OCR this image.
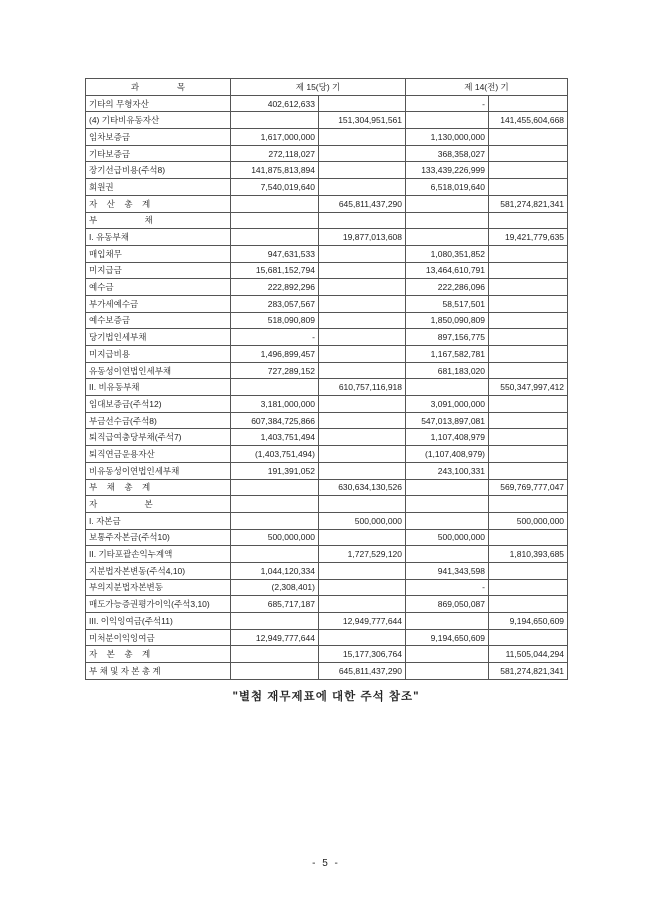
과                목	제 15(당) 기		제 14(전) 기	
기타의 무형자산	402,612,633		-	
(4) 기타비유동자산		151,304,951,561		141,455,604,668
임차보증금	1,617,000,000		1,130,000,000	
기타보증금	272,118,027		368,358,027	
장기선급비용(주석8)	141,875,813,894		133,439,226,999	
회원권	7,540,019,640		6,518,019,640	
자    산    총    계		645,811,437,290		581,274,821,341
부                    채				
I. 유동부채		19,877,013,608		19,421,779,635
매입채무	947,631,533		1,080,351,852	
미지급금	15,681,152,794		13,464,610,791	
예수금	222,892,296		222,286,096	
부가세예수금	283,057,567		58,517,501	
예수보증금	518,090,809		1,850,090,809	
당기법인세부채	-		897,156,775	
미지급비용	1,496,899,457		1,167,582,781	
유동성이연법인세부채	727,289,152		681,183,020	
II. 비유동부채		610,757,116,918		550,347,997,412
임대보증금(주석12)	3,181,000,000		3,091,000,000	
부금선수금(주석8)	607,384,725,866		547,013,897,081	
퇴직급여충당부채(주석7)	1,403,751,494		1,107,408,979	
퇴직연금운용자산	(1,403,751,494)		(1,107,408,979)	
비유동성이연법인세부채	191,391,052		243,100,331	
부    채    총    계		630,634,130,526		569,769,777,047
자                    본				
I. 자본금		500,000,000		500,000,000
보통주자본금(주석10)	500,000,000		500,000,000	
II. 기타포괄손익누계액		1,727,529,120		1,810,393,685
지분법자본변동(주석4,10)	1,044,120,334		941,343,598	
부의지분법자본변동	(2,308,401)		-	
매도가능증권평가이익(주석3,10)	685,717,187		869,050,087	
III. 이익잉여금(주석11)		12,949,777,644		9,194,650,609
미처분이익잉여금	12,949,777,644		9,194,650,609	
자    본    총    계		15,177,306,764		11,505,044,294
부 채 및 자 본 총 계		645,811,437,290		581,274,821,341
"별첨 재무제표에 대한 주석 참조"
- 5 -
